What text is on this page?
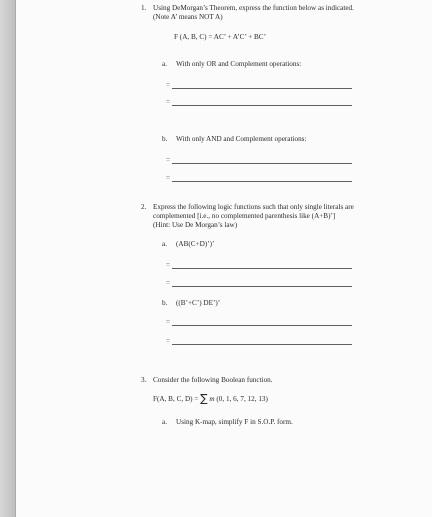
1. Using DeMorgan’s Theorem, express the function below as indicated.
(Note A’ means NOT A)
F (A, B, C) = AC’ + A’C’ + BC’
a. With only OR and Complement operations:
=
=
b. With only AND and Complement operations:
=
=
2. Express the following logic functions such that only single literals are
complemented [i.e., no complemented parenthesis like (A+B)’]
(Hint: Use De Morgan’s law)
a. (AB(C+D)’)’
=
=
b. ((B’+C’) DE’)’
=
=
3. Consider the following Boolean function.
F(A, B, C, D) = ∑ m (0, 1, 6, 7, 12, 13)
a. Using K-map, simplify F in S.O.P. form.
